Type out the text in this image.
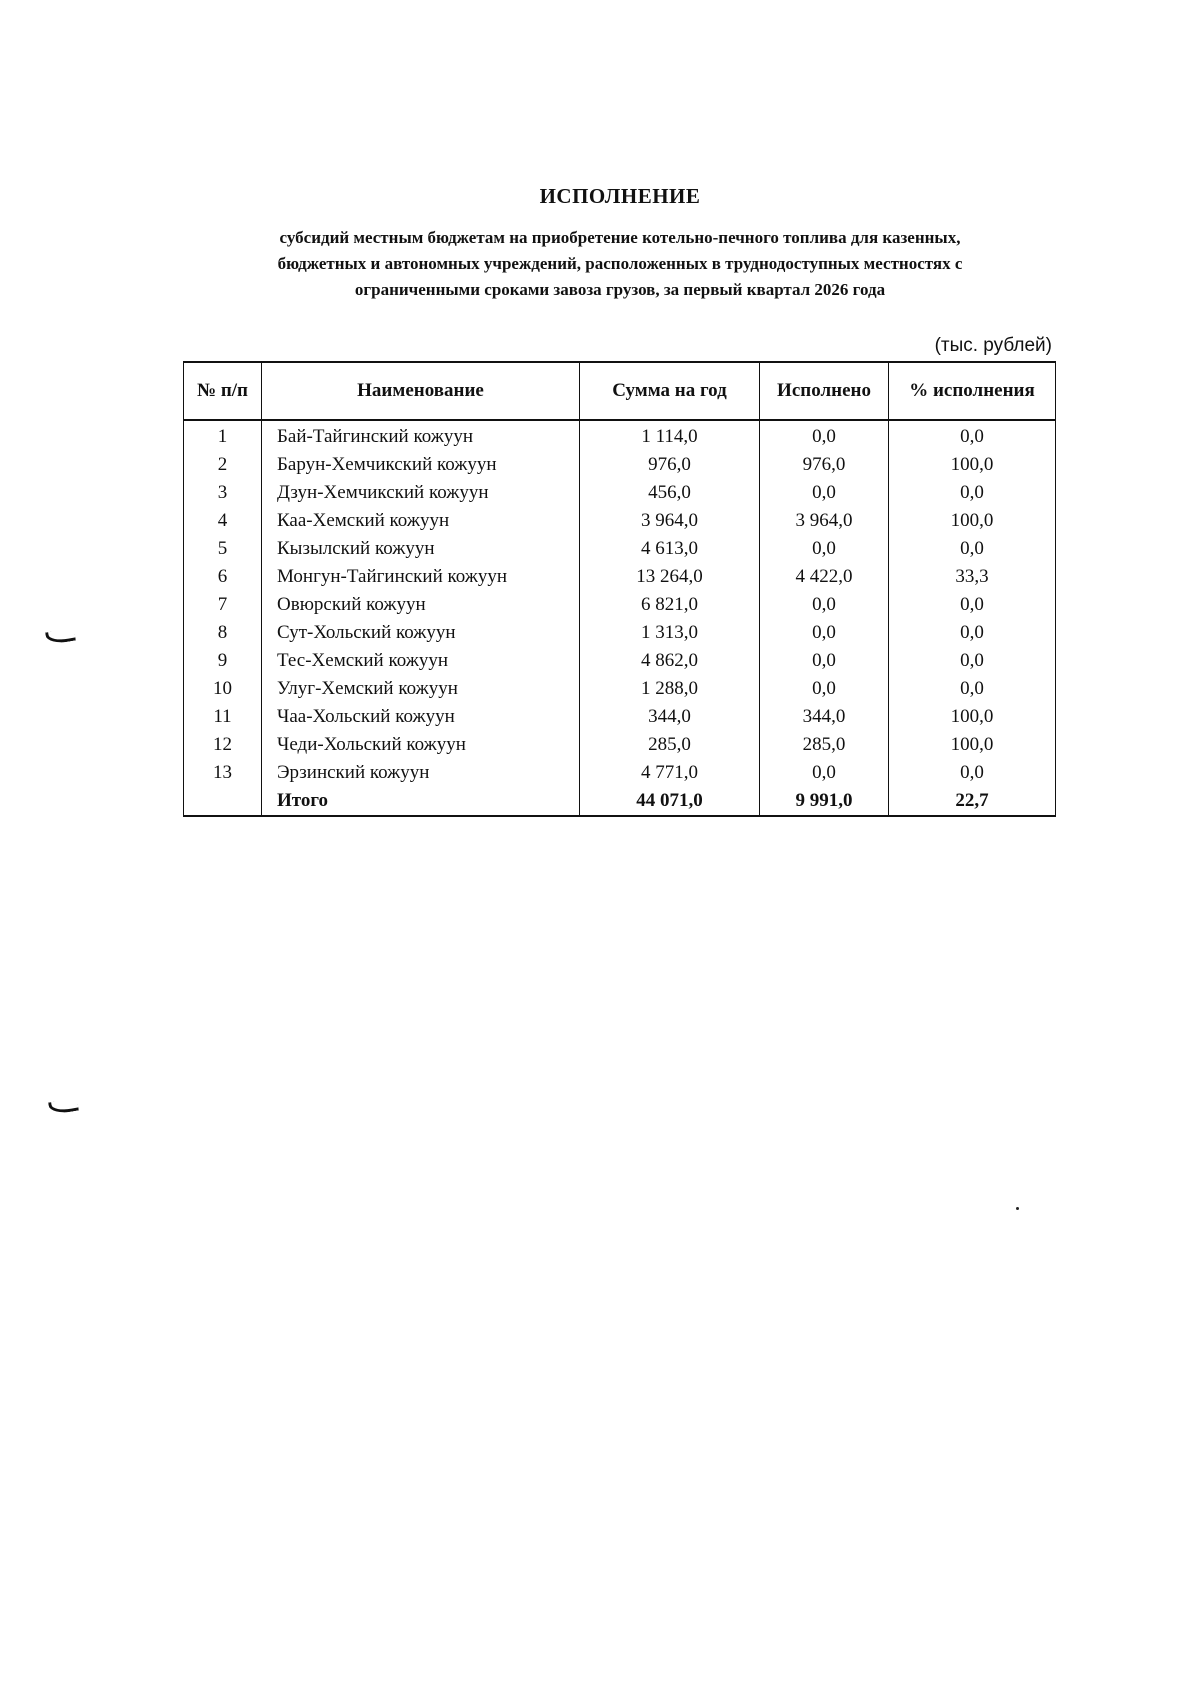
ИСПОЛНЕНИЕ
субсидий местным бюджетам на приобретение котельно-печного топлива для казенных,
бюджетных и автономных учреждений, расположенных в труднодоступных местностях с
ограниченными сроками завоза грузов, за первый квартал 2026 года
(тыс. рублей)
№ п/п	Наименование	Сумма на год	Исполнено	% исполнения
1	Бай-Тайгинский кожуун	1 114,0	0,0	0,0
2	Барун-Хемчикский кожуун	976,0	976,0	100,0
3	Дзун-Хемчикский кожуун	456,0	0,0	0,0
4	Каа-Хемский кожуун	3 964,0	3 964,0	100,0
5	Кызылский кожуун	4 613,0	0,0	0,0
6	Монгун-Тайгинский кожуун	13 264,0	4 422,0	33,3
7	Овюрский кожуун	6 821,0	0,0	0,0
8	Сут-Хольский кожуун	1 313,0	0,0	0,0
9	Тес-Хемский кожуун	4 862,0	0,0	0,0
10	Улуг-Хемский кожуун	1 288,0	0,0	0,0
11	Чаа-Хольский кожуун	344,0	344,0	100,0
12	Чеди-Хольский кожуун	285,0	285,0	100,0
13	Эрзинский кожуун	4 771,0	0,0	0,0
	Итого	44 071,0	9 991,0	22,7
